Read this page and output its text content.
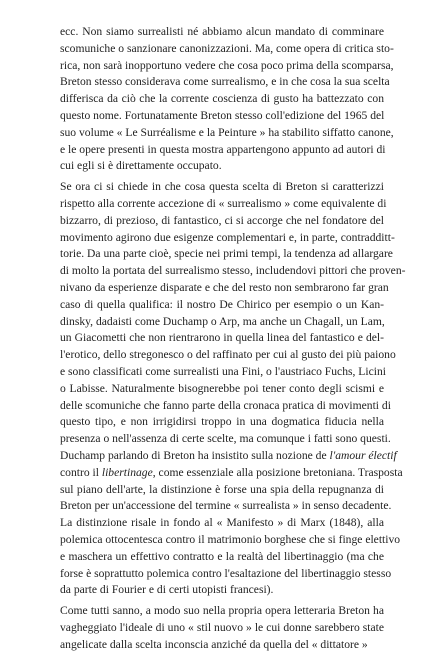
ecc. Non siamo surrealisti né abbiamo alcun mandato di comminare
scomuniche o sanzionare canonizzazioni. Ma, come opera di critica sto-
rica, non sarà inopportuno vedere che cosa poco prima della scomparsa,
Breton stesso considerava come surrealismo, e in che cosa la sua scelta
differisca da ciò che la corrente coscienza di gusto ha battezzato con
questo nome. Fortunatamente Breton stesso coll'edizione del 1965 del
suo volume « Le Surréalisme e la Peinture » ha stabilito siffatto canone,
e le opere presenti in questa mostra appartengono appunto ad autori di
cui egli si è direttamente occupato.
Se ora ci si chiede in che cosa questa scelta di Breton si caratterizzi
rispetto alla corrente accezione di « surrealismo » come equivalente di
bizzarro, di prezioso, di fantastico, ci si accorge che nel fondatore del
movimento agirono due esigenze complementari e, in parte, contradditt-
torie. Da una parte cioè, specie nei primi tempi, la tendenza ad allargare
di molto la portata del surrealismo stesso, includendovi pittori che proven-
nivano da esperienze disparate e che del resto non sembrarono far gran
caso di quella qualifica: il nostro De Chirico per esempio o un Kan-
dinsky, dadaisti come Duchamp o Arp, ma anche un Chagall, un Lam,
un Giacometti che non rientrarono in quella linea del fantastico e del-
l'erotico, dello stregonesco o del raffinato per cui al gusto dei più paiono
e sono classificati come surrealisti una Fini, o l'austriaco Fuchs, Licini
o Labisse. Naturalmente bisognerebbe poi tener conto degli scismi e
delle scomuniche che fanno parte della cronaca pratica di movimenti di
questo tipo, e non irrigidirsi troppo in una dogmatica fiducia nella
presenza o nell'assenza di certe scelte, ma comunque i fatti sono questi.
Duchamp parlando di Breton ha insistito sulla nozione de l'amour électif
contro il libertinage, come essenziale alla posizione bretoniana. Trasposta
sul piano dell'arte, la distinzione è forse una spia della repugnanza di
Breton per un'accessione del termine « surrealista » in senso decadente.
La distinzione risale in fondo al « Manifesto » di Marx (1848), alla
polemica ottocentesca contro il matrimonio borghese che si finge elettivo
e maschera un effettivo contratto e la realtà del libertinaggio (ma che
forse è soprattutto polemica contro l'esaltazione del libertinaggio stesso
da parte di Fourier e di certi utopisti francesi).
Come tutti sanno, a modo suo nella propria opera letteraria Breton ha
vagheggiato l'ideale di uno « stil nuovo » le cui donne sarebbero state
angelicate dalla scelta inconscia anziché da quella del « dittatore »
